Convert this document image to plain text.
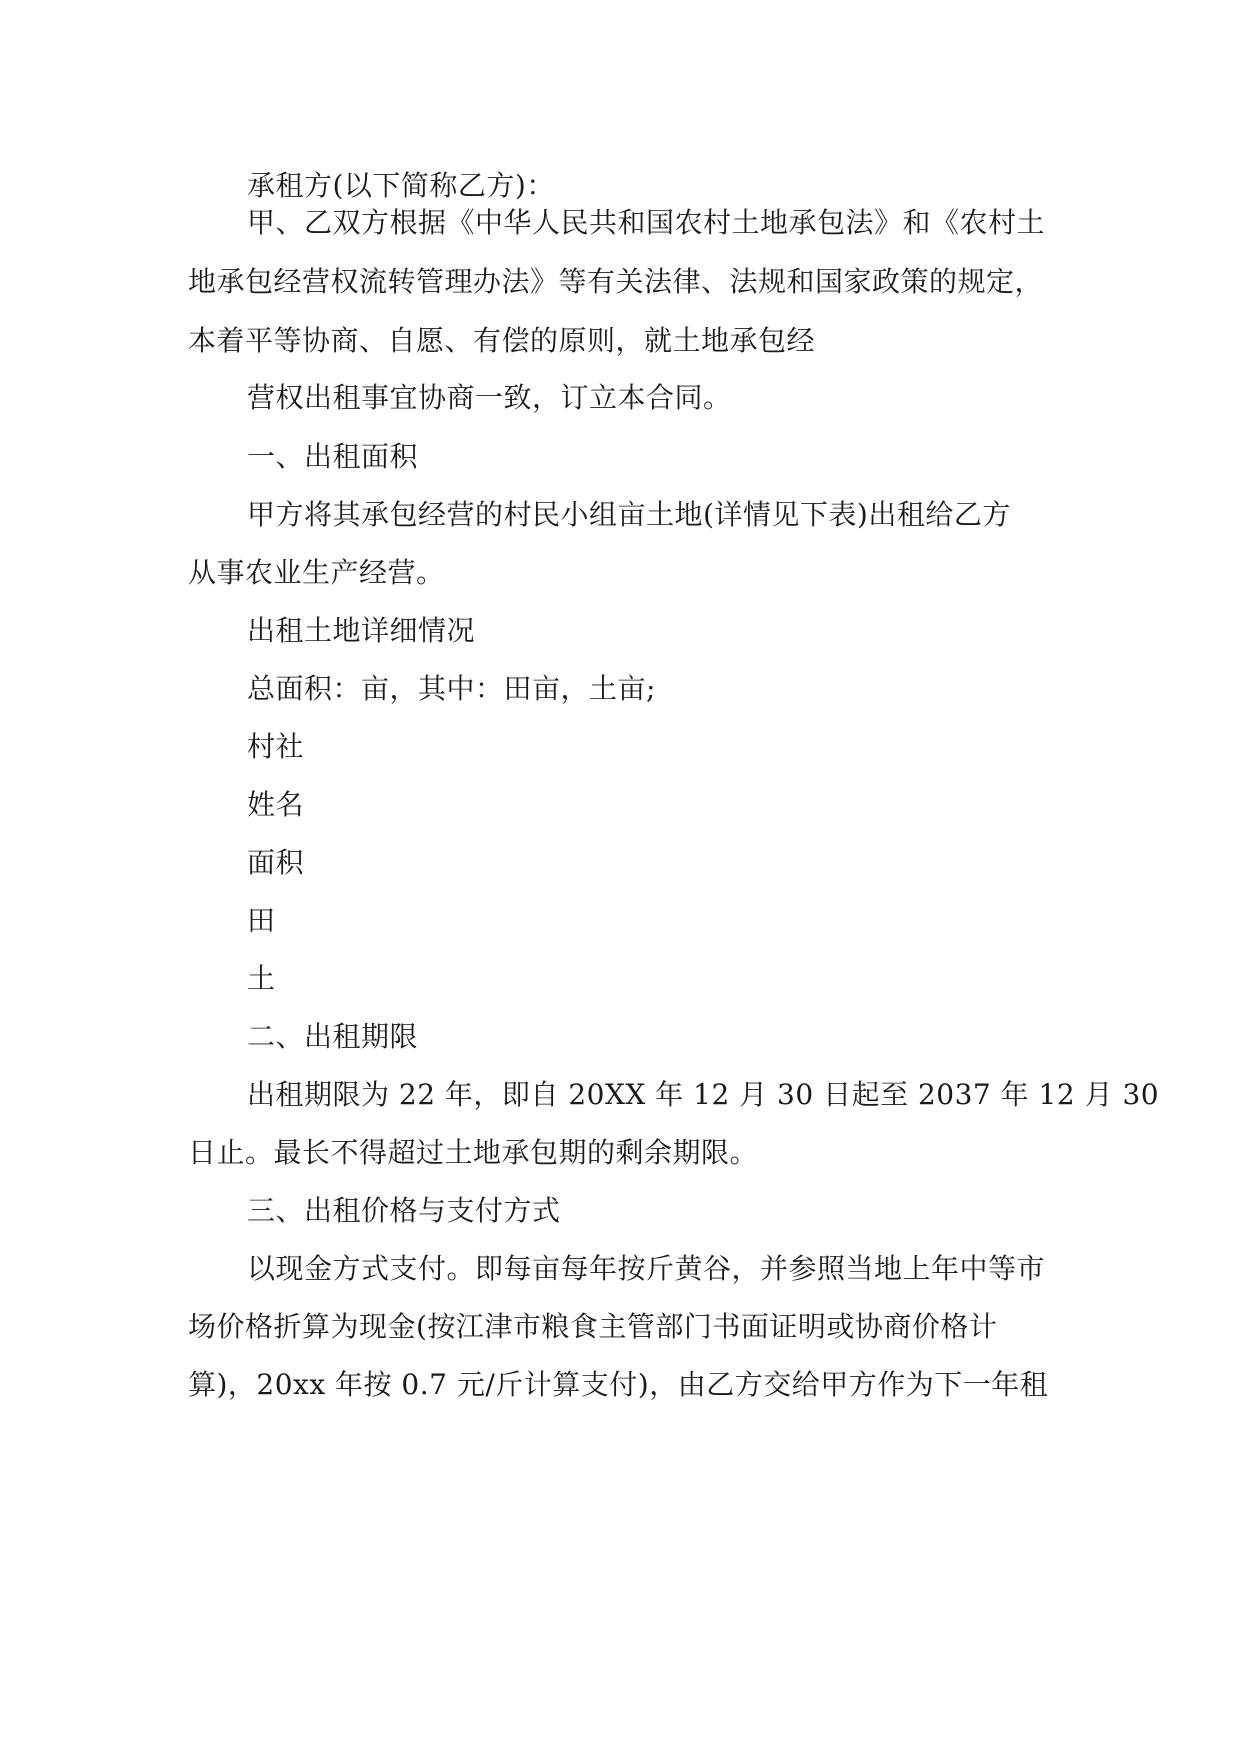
承租方(以下简称乙方)：
甲、乙双方根据《中华人民共和国农村土地承包法》和《农村土
地承包经营权流转管理办法》等有关法律、法规和国家政策的规定，
本着平等协商、自愿、有偿的原则，就土地承包经
营权出租事宜协商一致，订立本合同。
一、出租面积
甲方将其承包经营的村民小组亩土地(详情见下表)出租给乙方
从事农业生产经营。
出租土地详细情况
总面积：亩，其中：田亩，土亩;
村社
姓名
面积
田
土
二、出租期限
出租期限为 22 年，即自 20XX 年 12 月 30 日起至 2037 年 12 月 30
日止。最长不得超过土地承包期的剩余期限。
三、出租价格与支付方式
以现金方式支付。即每亩每年按斤黄谷，并参照当地上年中等市
场价格折算为现金(按江津市粮食主管部门书面证明或协商价格计
算)，20xx 年按 0.7 元/斤计算支付)，由乙方交给甲方作为下一年租
